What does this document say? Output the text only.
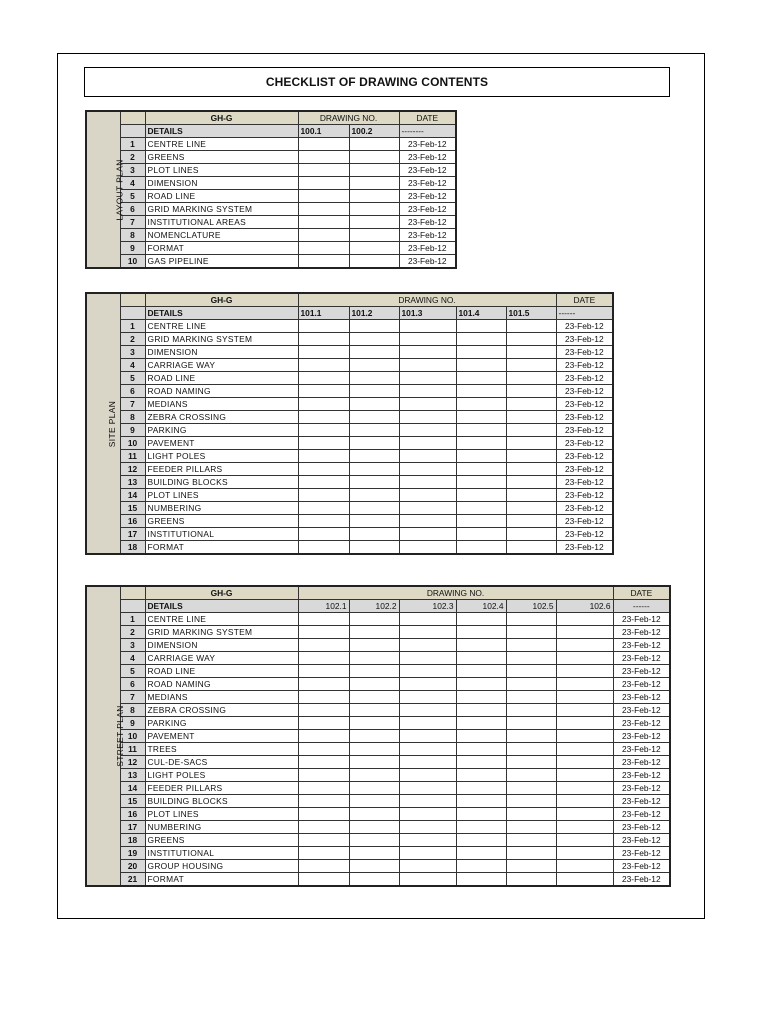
CHECKLIST OF DRAWING CONTENTS
LAYOUT PLAN		GH-G	DRAWING NO.		DATE
		DETAILS	100.1	100.2	--------
	1	CENTRE LINE			23-Feb-12
	2	GREENS			23-Feb-12
	3	PLOT LINES			23-Feb-12
	4	DIMENSION			23-Feb-12
	5	ROAD LINE			23-Feb-12
	6	GRID MARKING SYSTEM			23-Feb-12
	7	INSTITUTIONAL AREAS			23-Feb-12
	8	NOMENCLATURE			23-Feb-12
	9	FORMAT			23-Feb-12
	10	GAS PIPELINE			23-Feb-12
SITE PLAN		GH-G	DRAWING NO.					DATE
		DETAILS	101.1	101.2	101.3	101.4	101.5	------
	1	CENTRE LINE						23-Feb-12
	2	GRID MARKING SYSTEM						23-Feb-12
	3	DIMENSION						23-Feb-12
	4	CARRIAGE WAY						23-Feb-12
	5	ROAD LINE						23-Feb-12
	6	ROAD NAMING						23-Feb-12
	7	MEDIANS						23-Feb-12
	8	ZEBRA CROSSING						23-Feb-12
	9	PARKING						23-Feb-12
	10	PAVEMENT						23-Feb-12
	11	LIGHT POLES						23-Feb-12
	12	FEEDER PILLARS						23-Feb-12
	13	BUILDING BLOCKS						23-Feb-12
	14	PLOT LINES						23-Feb-12
	15	NUMBERING						23-Feb-12
	16	GREENS						23-Feb-12
	17	INSTITUTIONAL						23-Feb-12
	18	FORMAT						23-Feb-12
STREET PLAN		GH-G	DRAWING NO.						DATE
		DETAILS	102.1	102.2	102.3	102.4	102.5	102.6	------
	1	CENTRE LINE							23-Feb-12
	2	GRID MARKING SYSTEM							23-Feb-12
	3	DIMENSION							23-Feb-12
	4	CARRIAGE WAY							23-Feb-12
	5	ROAD LINE							23-Feb-12
	6	ROAD NAMING							23-Feb-12
	7	MEDIANS							23-Feb-12
	8	ZEBRA CROSSING							23-Feb-12
	9	PARKING							23-Feb-12
	10	PAVEMENT							23-Feb-12
	11	TREES							23-Feb-12
	12	CUL-DE-SACS							23-Feb-12
	13	LIGHT POLES							23-Feb-12
	14	FEEDER PILLARS							23-Feb-12
	15	BUILDING BLOCKS							23-Feb-12
	16	PLOT LINES							23-Feb-12
	17	NUMBERING							23-Feb-12
	18	GREENS							23-Feb-12
	19	INSTITUTIONAL							23-Feb-12
	20	GROUP HOUSING							23-Feb-12
	21	FORMAT							23-Feb-12
